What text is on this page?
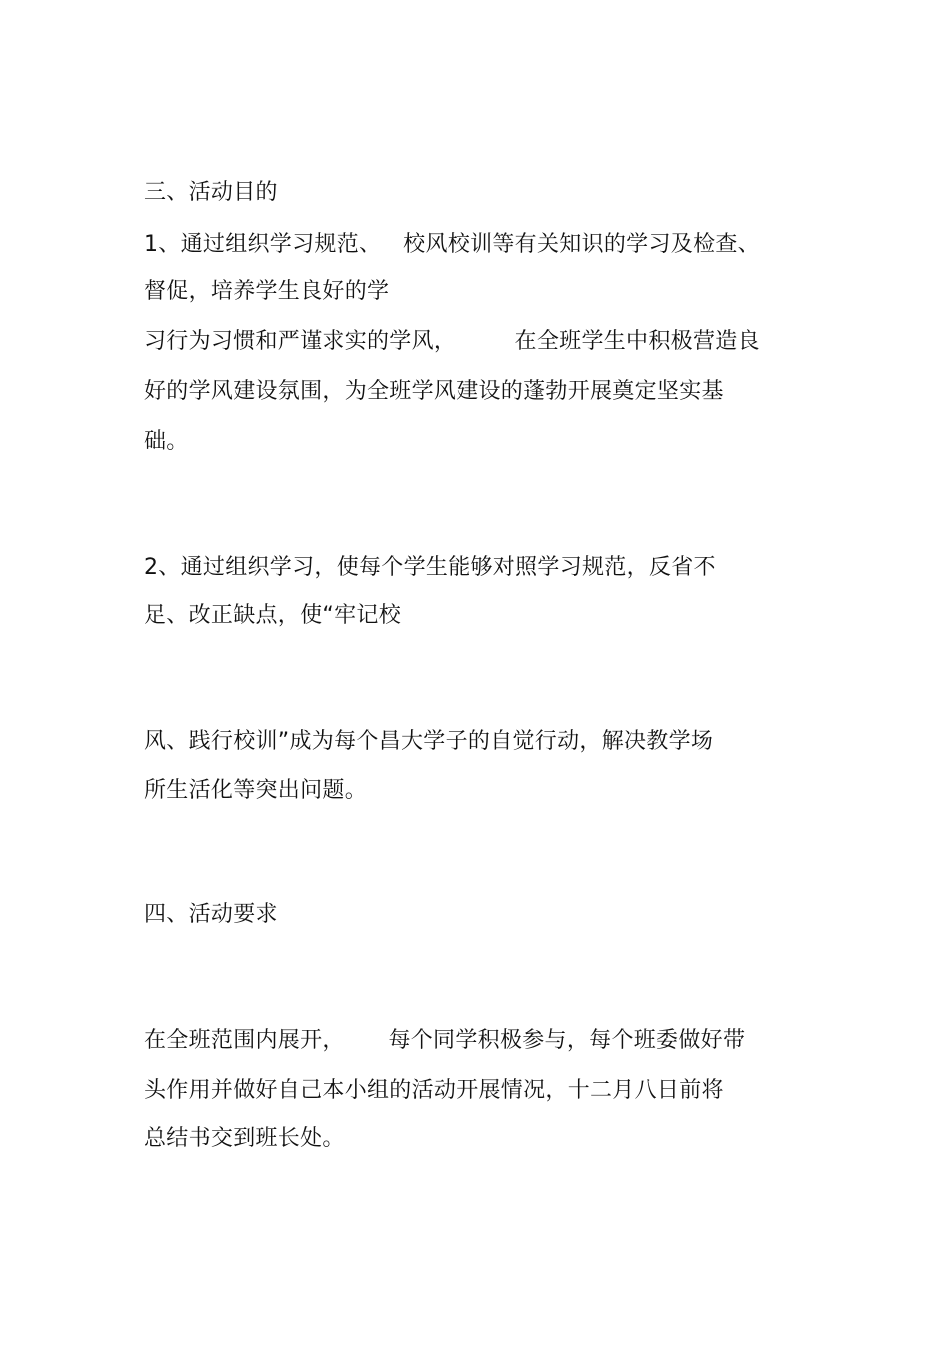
三、活动目的
1、通过组织学习规范、   校风校训等有关知识的学习及检查、
督促，培养学生良好的学
习行为习惯和严谨求实的学风，        在全班学生中积极营造良
好的学风建设氛围，为全班学风建设的蓬勃开展奠定坚实基
础。
2、通过组织学习，使每个学生能够对照学习规范，反省不
足、改正缺点，使“牢记校
风、践行校训”成为每个昌大学子的自觉行动，解决教学场
所生活化等突出问题。
四、活动要求
在全班范围内展开，      每个同学积极参与，每个班委做好带
头作用并做好自己本小组的活动开展情况，十二月八日前将
总结书交到班长处。
